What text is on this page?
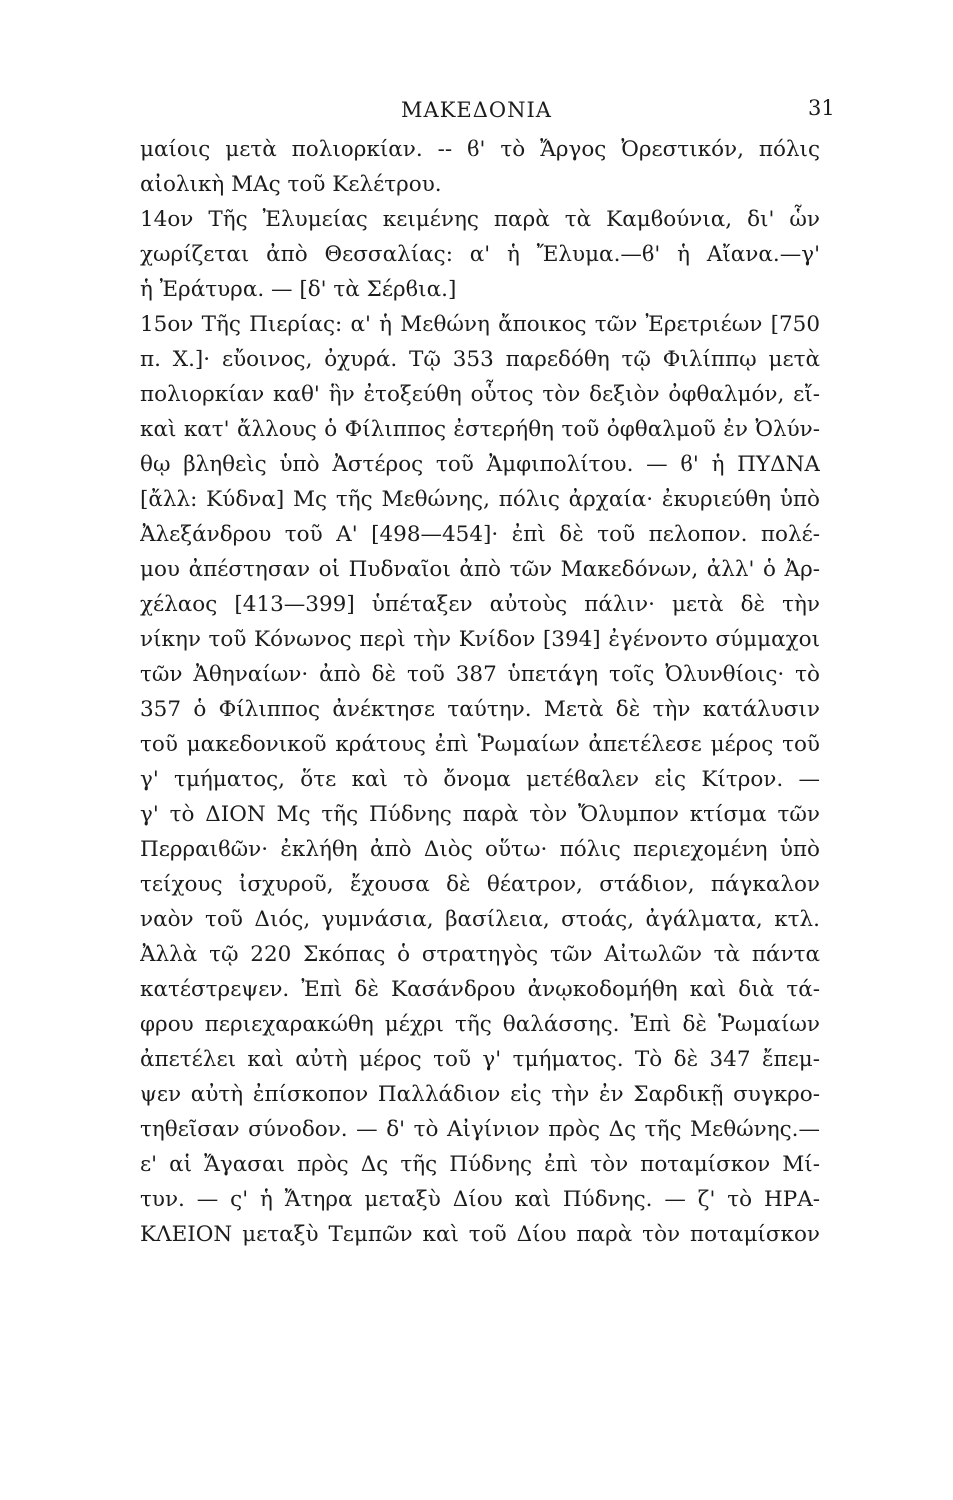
ΜΑΚΕΔΟΝΙΑ	31
μαίοις μετὰ πολιορκίαν. -- ϐ' τὸ Ἄργος Ὀρεστικόν, πόλις
αἰολικὴ ΜΑς τοῦ Κελέτρου.
14ον Τῆς Ἐλυμείας κειμένης παρὰ τὰ Καμϐούνια, δι' ὧν
χωρίζεται ἀπὸ Θεσσαλίας: α' ἡ Ἔλυμα.—ϐ' ἡ Αἴανα.—γ'
ἡ Ἐράτυρα. — [δ' τὰ Σέρϐια.]
15ον Τῆς Πιερίας: α' ἡ Μεθώνη ἄποικος τῶν Ἐρετριέων [750
π. Χ.]· εὔοινος, ὀχυρά. Τῷ 353 παρεδόθη τῷ Φιλίππῳ μετὰ
πολιορκίαν καθ' ἣν ἐτοξεύθη οὗτος τὸν δεξιὸν ὀφθαλμόν, εἴ-
καὶ κατ' ἄλλους ὁ Φίλιππος ἐστερήθη τοῦ ὀφθαλμοῦ ἐν Ὀλύν-
θῳ βληθεὶς ὑπὸ Ἀστέρος τοῦ Ἀμφιπολίτου. — ϐ' ἡ ΠΥΔΝΑ
[ἄλλ: Κύδνα] Μς τῆς Μεθώνης, πόλις ἀρχαία· ἐκυριεύθη ὑπὸ
Ἀλεξάνδρου τοῦ Α' [498—454]· ἐπὶ δὲ τοῦ πελοπον. πολέ-
μου ἀπέστησαν οἱ Πυδναῖοι ἀπὸ τῶν Μακεδόνων, ἀλλ' ὁ Ἀρ-
χέλαος [413—399] ὑπέταξεν αὐτοὺς πάλιν· μετὰ δὲ τὴν
νίκην τοῦ Κόνωνος περὶ τὴν Κνίδον [394] ἐγένοντο σύμμαχοι
τῶν Ἀθηναίων· ἀπὸ δὲ τοῦ 387 ὑπετάγη τοῖς Ὀλυνθίοις· τὸ
357 ὁ Φίλιππος ἀνέκτησε ταύτην. Μετὰ δὲ τὴν κατάλυσιν
τοῦ μακεδονικοῦ κράτους ἐπὶ Ῥωμαίων ἀπετέλεσε μέρος τοῦ
γ' τμήματος, ὅτε καὶ τὸ ὄνομα μετέϐαλεν εἰς Κίτρον. —
γ' τὸ ΔΙΟΝ Μς τῆς Πύδνης παρὰ τὸν Ὄλυμπον κτίσμα τῶν
Περραιϐῶν· ἐκλήθη ἀπὸ Διὸς οὕτω· πόλις περιεχομένη ὑπὸ
τείχους ἰσχυροῦ, ἔχουσα δὲ θέατρον, στάδιον, πάγκαλον
ναὸν τοῦ Διός, γυμνάσια, βασίλεια, στοάς, ἀγάλματα, κτλ.
Ἀλλὰ τῷ 220 Σκόπας ὁ στρατηγὸς τῶν Αἰτωλῶν τὰ πάντα
κατέστρεψεν. Ἐπὶ δὲ Κασάνδρου ἀνῳκοδομήθη καὶ διὰ τά-
φρου περιεχαρακώθη μέχρι τῆς θαλάσσης. Ἐπὶ δὲ Ῥωμαίων
ἀπετέλει καὶ αὐτὴ μέρος τοῦ γ' τμήματος. Τὸ δὲ 347 ἔπεμ-
ψεν αὐτὴ ἐπίσκοπον Παλλάδιον εἰς τὴν ἐν Σαρδικῇ συγκρο-
τηθεῖσαν σύνοδον. — δ' τὸ Αἰγίνιον πρὸς Δς τῆς Μεθώνης.—
ε' αἱ Ἄγασαι πρὸς Δς τῆς Πύδνης ἐπὶ τὸν ποταμίσκον Μί-
τυν. — ς' ἡ Ἄτηρα μεταξὺ Δίου καὶ Πύδνης. — ζ' τὸ ΗΡΑ-
ΚΛΕΙΟΝ μεταξὺ Τεμπῶν καὶ τοῦ Δίου παρὰ τὸν ποταμίσκον
